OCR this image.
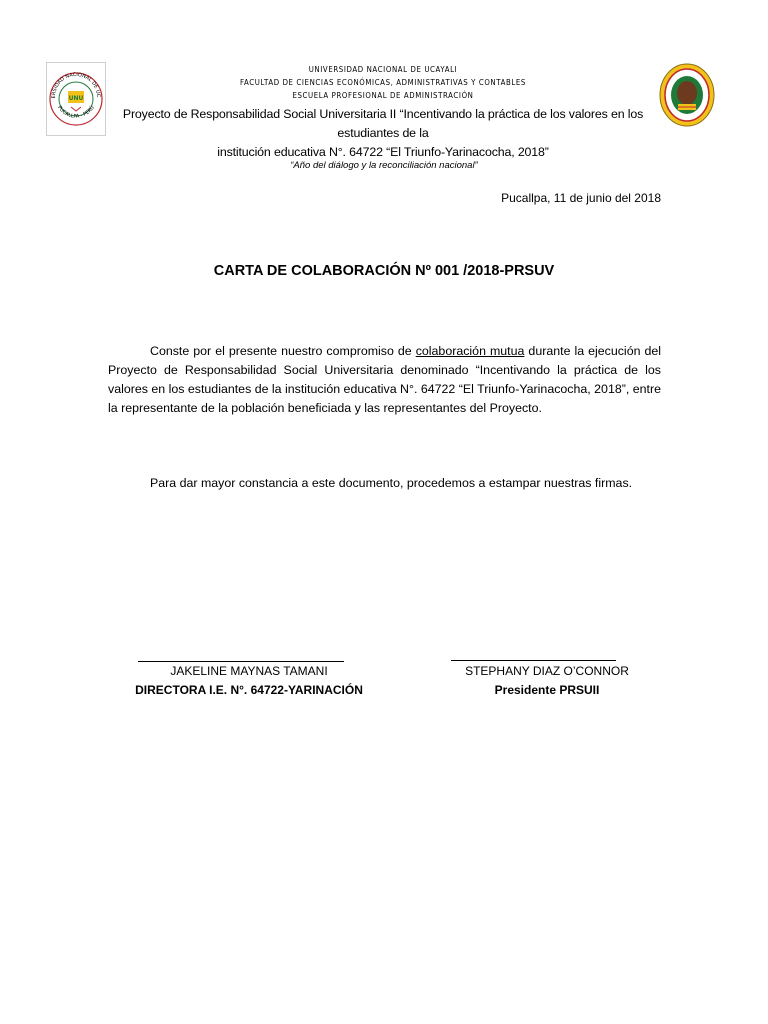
ERSIDAD NACIONAL DE UC
PUCALLPA - PERÚ
UNU
UNIVERSIDAD NACIONAL DE UCAYALI
FACULTAD DE CIENCIAS ECONÓMICAS, ADMINISTRATIVAS Y CONTABLES
ESCUELA PROFESIONAL DE ADMINISTRACIÓN
Proyecto de Responsabilidad Social Universitaria II “Incentivando la práctica de los valores en los estudiantes de la
institución educativa N°. 64722 “El Triunfo-Yarinacocha, 2018”
“Año del diálogo y la reconciliación nacional”
Pucallpa, 11 de junio del 2018
CARTA DE COLABORACIÓN Nº 001 /2018-PRSUV
Conste por el presente nuestro compromiso de colaboración mutua durante la ejecución del Proyecto de Responsabilidad Social Universitaria denominado “Incentivando la práctica de los valores en los estudiantes de la institución educativa N°. 64722 “El Triunfo-Yarinacocha, 2018”, entre la representante de la población beneficiada y las representantes del Proyecto.
Para dar mayor constancia a este documento, procedemos a estampar nuestras firmas.
JAKELINE MAYNAS TAMANI
DIRECTORA I.E. N°. 64722-YARINACIÓN
STEPHANY DIAZ O’CONNOR
Presidente PRSUII
